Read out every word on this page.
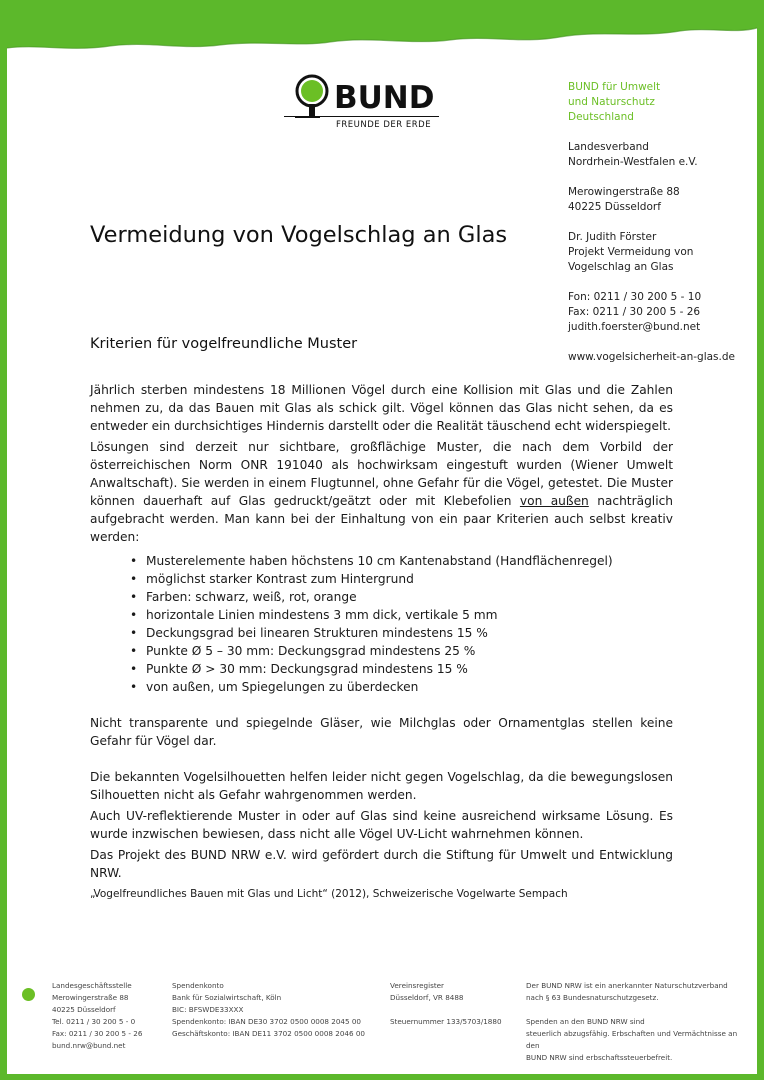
BUND
FREUNDE DER ERDE
BUND für Umwelt
und Naturschutz
Deutschland
Landesverband
Nordrhein-Westfalen e.V.
Merowingerstraße 88
40225 Düsseldorf
Dr. Judith Förster
Projekt Vermeidung von
Vogelschlag an Glas
Fon: 0211 / 30 200 5 - 10
Fax: 0211 / 30 200 5 - 26
judith.foerster@bund.net
www.vogelsicherheit-an-glas.de
Vermeidung von Vogelschlag an Glas
Kriterien für vogelfreundliche Muster

Jährlich sterben mindestens 18 Millionen Vögel durch eine Kollision mit Glas und die Zahlen nehmen zu, da das Bauen mit Glas als schick gilt. Vögel können das Glas nicht sehen, da es entweder ein durchsichtiges Hindernis darstellt oder die Realität täuschend echt widerspiegelt.

Lösungen sind derzeit nur sichtbare, großflächige Muster, die nach dem Vorbild der österreichischen Norm ONR 191040 als hochwirksam eingestuft wurden (Wiener Umwelt Anwaltschaft). Sie werden in einem Flugtunnel, ohne Gefahr für die Vögel, getestet. Die Muster können dauerhaft auf Glas gedruckt/geätzt oder mit Klebefolien von außen nachträglich aufgebracht werden. Man kann bei der Einhaltung von ein paar Kriterien auch selbst kreativ werden:

• Musterelemente haben höchstens 10 cm Kantenabstand (Handflächenregel)
• möglichst starker Kontrast zum Hintergrund
• Farben: schwarz, weiß, rot, orange
• horizontale Linien mindestens 3 mm dick, vertikale 5 mm
• Deckungsgrad bei linearen Strukturen mindestens 15 %
• Punkte Ø 5 – 30 mm: Deckungsgrad mindestens 25 %
• Punkte Ø > 30 mm: Deckungsgrad mindestens 15 %
• von außen, um Spiegelungen zu überdecken

Nicht transparente und spiegelnde Gläser, wie Milchglas oder Ornamentglas stellen keine Gefahr für Vögel dar.

Die bekannten Vogelsilhouetten helfen leider nicht gegen Vogelschlag, da die bewegungslosen Silhouetten nicht als Gefahr wahrgenommen werden.

Auch UV-reflektierende Muster in oder auf Glas sind keine ausreichend wirksame Lösung. Es wurde inzwischen bewiesen, dass nicht alle Vögel UV-Licht wahrnehmen können.

Das Projekt des BUND NRW e.V. wird gefördert durch die Stiftung für Umwelt und Entwicklung NRW.

„Vogelfreundliches Bauen mit Glas und Licht“ (2012), Schweizerische Vogelwarte Sempach

Landesgeschäftsstelle
Merowingerstraße 88
40225 Düsseldorf
Tel. 0211 / 30 200 5 - 0
Fax: 0211 / 30 200 5 - 26
bund.nrw@bund.net
Spendenkonto
Bank für Sozialwirtschaft, Köln
BIC: BFSWDE33XXX
Spendenkonto: IBAN DE30 3702 0500 0008 2045 00
Geschäftskonto: IBAN DE11 3702 0500 0008 2046 00
Vereinsregister
Düsseldorf, VR 8488

Steuernummer 133/5703/1880
Der BUND NRW ist ein anerkannter Naturschutzverband
nach § 63 Bundesnaturschutzgesetz.

Spenden an den BUND NRW sind
steuerlich abzugsfähig. Erbschaften und Vermächtnisse an den
BUND NRW sind erbschaftssteuerbefreit.
